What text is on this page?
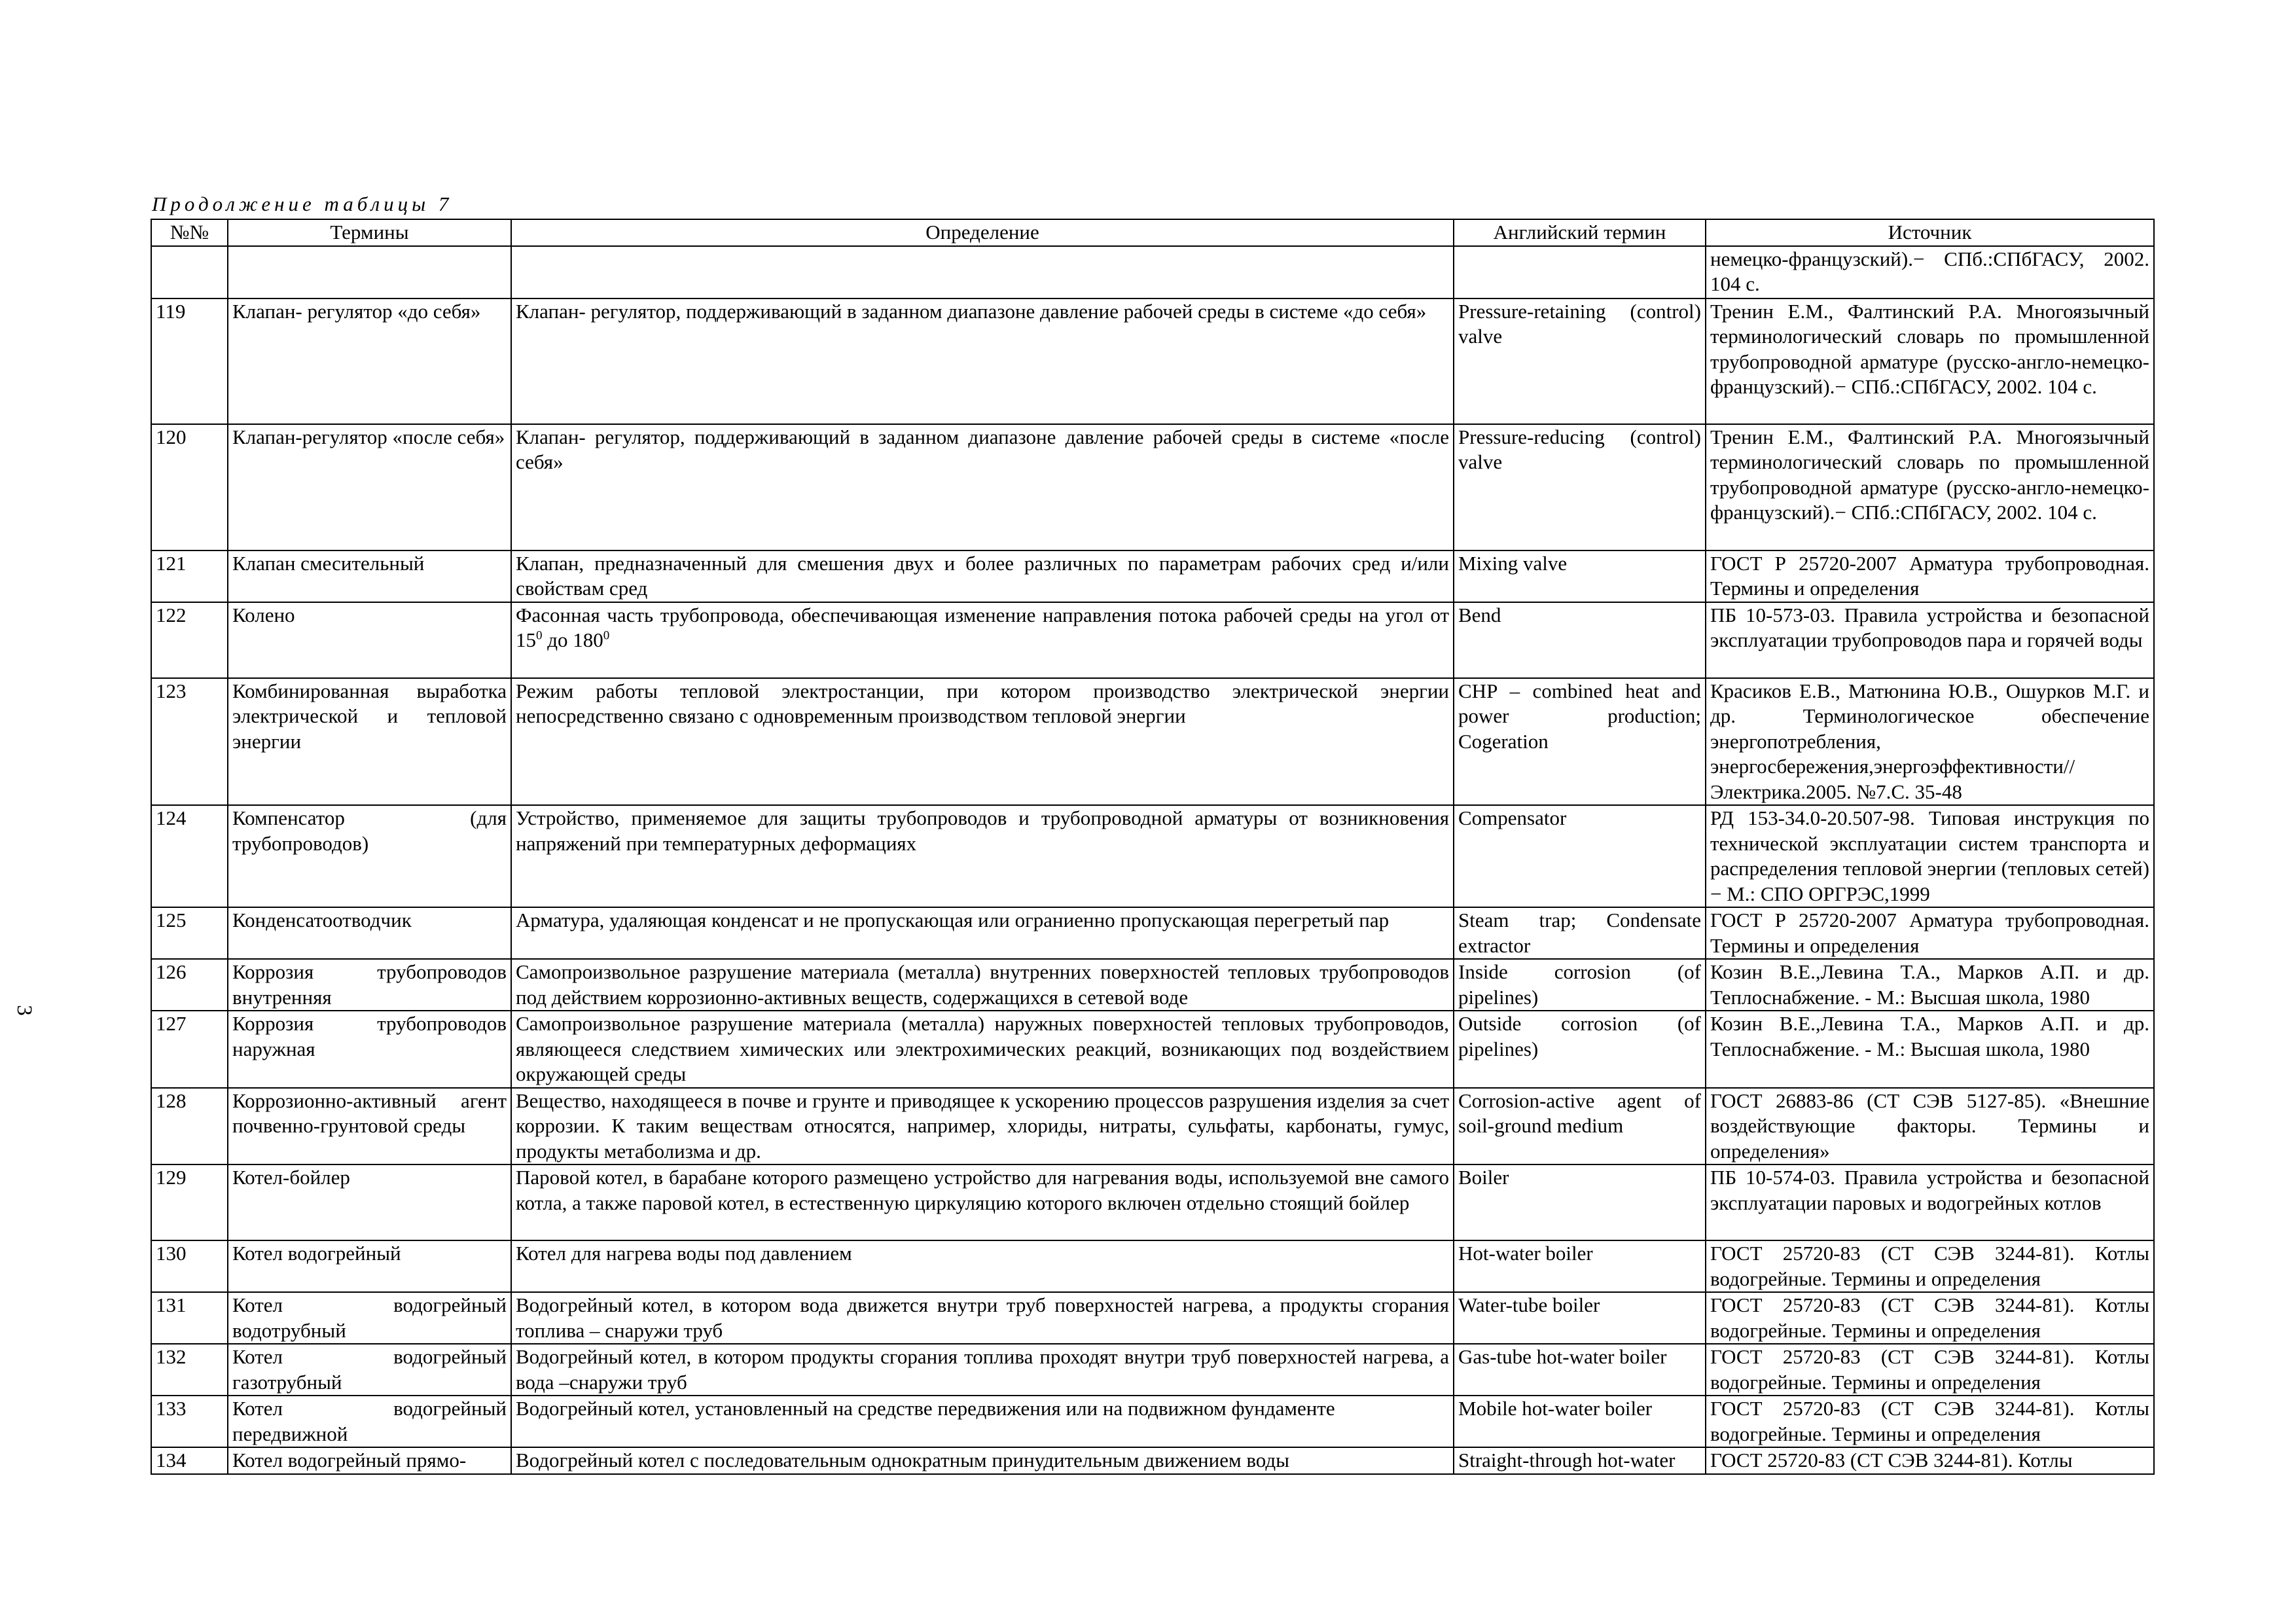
Продолжение таблицы 7
3
№№	Термины	Определение	Английский термин	Источник
				немецко-французский).− СПб.:СПбГАСУ, 2002. 104 с.
119	Клапан- регулятор «до себя»	Клапан- регулятор, поддерживающий в заданном диапазоне давление рабочей среды в системе «до себя»	Pressure-retaining (control) valve	Тренин Е.М., Фалтинский Р.А. Многоязычный терминологический словарь по промышленной трубопроводной арматуре (русско-англо-немецко-французский).− СПб.:СПбГАСУ, 2002. 104 с.
120	Клапан-регулятор «после себя»	Клапан- регулятор, поддерживающий в заданном диапазоне давление рабочей среды в системе «после себя»	Pressure-reducing (control) valve	Тренин Е.М., Фалтинский Р.А. Многоязычный терминологический словарь по промышленной трубопроводной арматуре (русско-англо-немецко-французский).− СПб.:СПбГАСУ, 2002. 104 с.
121	Клапан смесительный	Клапан, предназначенный для смешения двух и более различных по параметрам рабочих сред и/или свойствам сред	Mixing valve	ГОСТ Р 25720-2007 Арматура трубопроводная. Термины и определения
122	Колено	Фасонная часть трубопровода, обеспечивающая изменение направления потока рабочей среды на угол от $15^0$ до $180^0$	Bend	ПБ 10-573-03. Правила устройства и безопасной эксплуатации трубопроводов пара и горячей воды
123	Комбинированная выработка электрической и тепловой энергии	Режим работы тепловой электростанции, при котором производство электрической энергии непосредственно связано с одновременным производством тепловой энергии	CHP – combined heat and power production; Cogeration	Красиков Е.В., Матюнина Ю.В., Ошурков М.Г. и др. Терминологическое обеспечение энергопотребления, энергосбережения,энергоэффективности// Электрика.2005. №7.С. 35-48
124	Компенсатор (для трубопроводов)	Устройство, применяемое для защиты трубопроводов и трубопроводной арматуры от возникновения напряжений при температурных деформациях	Compensator	РД 153-34.0-20.507-98. Типовая инструкция по технической эксплуатации систем транспорта и распределения тепловой энергии (тепловых сетей) − М.: СПО ОРГРЭС,1999
125	Конденсатоотводчик	Арматура, удаляющая конденсат и не пропускающая или ограниенно пропускающая перегретый пар	Steam trap; Condensate extractor	ГОСТ Р 25720-2007 Арматура трубопроводная. Термины и определения
126	Коррозия трубопроводов внутренняя	Самопроизвольное разрушение материала (металла) внутренних поверхностей тепловых трубопроводов под действием коррозионно-активных веществ, содержащихся в сетевой воде	Inside corrosion (of pipelines)	Козин В.Е.,Левина Т.А., Марков А.П. и др. Теплоснабжение. - М.: Высшая школа, 1980
127	Коррозия трубопроводов наружная	Самопроизвольное разрушение материала (металла) наружных поверхностей тепловых трубопроводов, являющееся следствием химических или электрохимических реакций, возникающих под воздействием окружающей среды	Outside corrosion (of pipelines)	Козин В.Е.,Левина Т.А., Марков А.П. и др. Теплоснабжение. - М.: Высшая школа, 1980
128	Коррозионно-активный агент почвенно-грунтовой среды	Вещество, находящееся в почве и грунте и приводящее к ускорению процессов разрушения изделия за счет коррозии. К таким веществам относятся, например, хлориды, нитраты, сульфаты, карбонаты, гумус, продукты метаболизма и др.	Corrosion-active agent of soil-ground medium	ГОСТ 26883-86 (СТ СЭВ 5127-85). «Внешние воздействующие факторы. Термины и определения»
129	Котел-бойлер	Паровой котел, в барабане которого размещено устройство для нагревания воды, используемой вне самого котла, а также паровой котел, в естественную циркуляцию которого включен отдельно стоящий бойлер	Boiler	ПБ 10-574-03. Правила устройства и безопасной эксплуатации паровых и водогрейных котлов
130	Котел водогрейный	Котел для нагрева воды под давлением	Hot-water boiler	ГОСТ 25720-83 (СТ СЭВ 3244-81). Котлы водогрейные. Термины и определения
131	Котел водогрейный водотрубный	Водогрейный котел, в котором вода движется внутри труб поверхностей нагрева, а продукты сгорания топлива – снаружи труб	Water-tube boiler	ГОСТ 25720-83 (СТ СЭВ 3244-81). Котлы водогрейные. Термины и определения
132	Котел водогрейный газотрубный	Водогрейный котел, в котором продукты сгорания топлива проходят внутри труб поверхностей нагрева, а вода –снаружи труб	Gas-tube hot-water boiler	ГОСТ 25720-83 (СТ СЭВ 3244-81). Котлы водогрейные. Термины и определения
133	Котел водогрейный передвижной	Водогрейный котел, установленный на средстве передвижения или на подвижном фундаменте	Mobile hot-water boiler	ГОСТ 25720-83 (СТ СЭВ 3244-81). Котлы водогрейные. Термины и определения
134	Котел водогрейный прямо-	Водогрейный котел с последовательным однократным принудительным движением воды	Straight-through hot-water	ГОСТ 25720-83 (СТ СЭВ 3244-81). Котлы
